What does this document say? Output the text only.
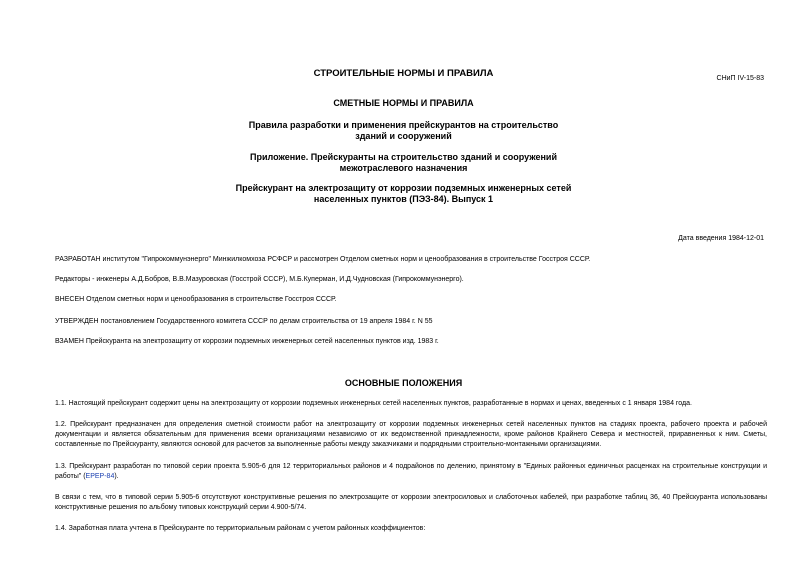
СНиП IV-15-83
СТРОИТЕЛЬНЫЕ НОРМЫ И ПРАВИЛА
СМЕТНЫЕ НОРМЫ И ПРАВИЛА
Правила разработки и применения прейскурантов на строительство
зданий и сооружений
Приложение. Прейскуранты на строительство зданий и сооружений
межотраслевого назначения
Прейскурант на электрозащиту от коррозии подземных инженерных сетей
населенных пунктов (ПЭЗ-84). Выпуск 1
Дата введения 1984-12-01
РАЗРАБОТАН институтом "Гипрокоммунэнерго" Минжилкомхоза РСФСР и рассмотрен Отделом сметных норм и ценообразования в строительстве Госстроя СССР.
Редакторы - инженеры А.Д.Бобров, В.В.Мазуровская (Госстрой СССР), М.Б.Куперман, И.Д.Чудновская (Гипрокоммунэнерго).
ВНЕСЕН Отделом сметных норм и ценообразования в строительстве Госстроя СССР.
УТВЕРЖДЕН постановлением Государственного комитета СССР по делам строительства от 19 апреля 1984 г. N 55
ВЗАМЕН Прейскуранта на электрозащиту от коррозии подземных инженерных сетей населенных пунктов изд. 1983 г.
ОСНОВНЫЕ ПОЛОЖЕНИЯ
1.1. Настоящий прейскурант содержит цены на электрозащиту от коррозии подземных инженерных сетей населенных пунктов, разработанные в нормах и ценах, введенных с 1 января 1984 года.
1.2. Прейскурант предназначен для определения сметной стоимости работ на электрозащиту от коррозии подземных инженерных сетей населенных пунктов на стадиях проекта, рабочего проекта и рабочей документации и является обязательным для применения всеми организациями независимо от их ведомственной принадлежности, кроме районов Крайнего Севера и местностей, приравненных к ним. Сметы, составленные по Прейскуранту, являются основой для расчетов за выполненные работы между заказчиками и подрядными строительно-монтажными организациями.
1.3. Прейскурант разработан по типовой серии проекта 5.905-6 для 12 территориальных районов и 4 подрайонов по делению, принятому в "Единых районных единичных расценках на строительные конструкции и работы" (ЕРЕР-84).
В связи с тем, что в типовой серии 5.905-6 отсутствуют конструктивные решения по электрозащите от коррозии электросиловых и слаботочных кабелей, при разработке таблиц 36, 40 Прейскуранта использованы конструктивные решения по альбому типовых конструкций серии 4.900-5/74.
1.4. Заработная плата учтена в Прейскуранте по территориальным районам с учетом районных коэффициентов:
